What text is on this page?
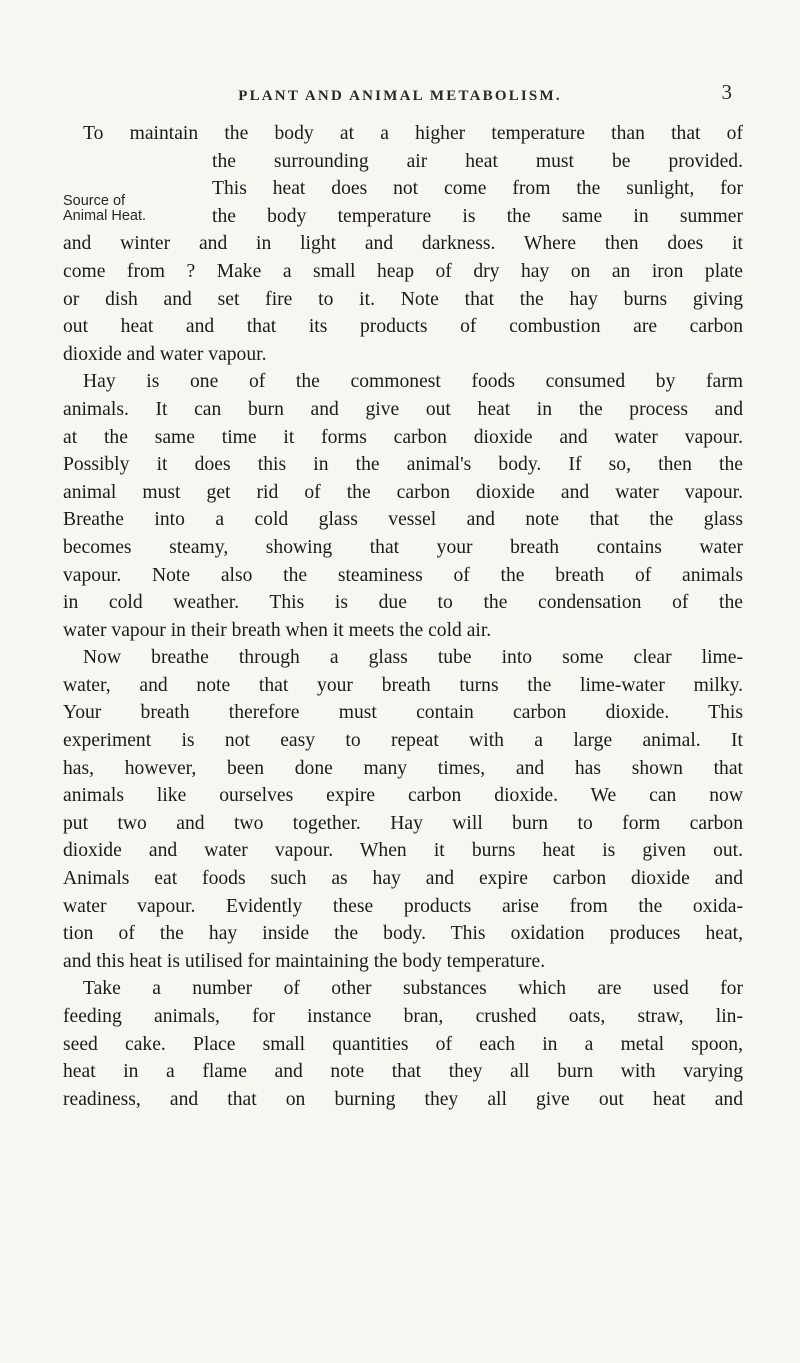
PLANT AND ANIMAL METABOLISM.	3
Source of
Animal Heat.
To maintain the body at a higher temperature than that of
the surrounding air heat must be provided.
This heat does not come from the sunlight, for
the body temperature is the same in summer
and winter and in light and darkness. Where then does it
come from ? Make a small heap of dry hay on an iron plate
or dish and set fire to it. Note that the hay burns giving
out heat and that its products of combustion are carbon
dioxide and water vapour.
Hay is one of the commonest foods consumed by farm
animals. It can burn and give out heat in the process and
at the same time it forms carbon dioxide and water vapour.
Possibly it does this in the animal's body. If so, then the
animal must get rid of the carbon dioxide and water vapour.
Breathe into a cold glass vessel and note that the glass
becomes steamy, showing that your breath contains water
vapour. Note also the steaminess of the breath of animals
in cold weather. This is due to the condensation of the
water vapour in their breath when it meets the cold air.
Now breathe through a glass tube into some clear lime-
water, and note that your breath turns the lime-water milky.
Your breath therefore must contain carbon dioxide. This
experiment is not easy to repeat with a large animal. It
has, however, been done many times, and has shown that
animals like ourselves expire carbon dioxide. We can now
put two and two together. Hay will burn to form carbon
dioxide and water vapour. When it burns heat is given out.
Animals eat foods such as hay and expire carbon dioxide and
water vapour. Evidently these products arise from the oxida-
tion of the hay inside the body. This oxidation produces heat,
and this heat is utilised for maintaining the body temperature.
Take a number of other substances which are used for
feeding animals, for instance bran, crushed oats, straw, lin-
seed cake. Place small quantities of each in a metal spoon,
heat in a flame and note that they all burn with varying
readiness, and that on burning they all give out heat and
